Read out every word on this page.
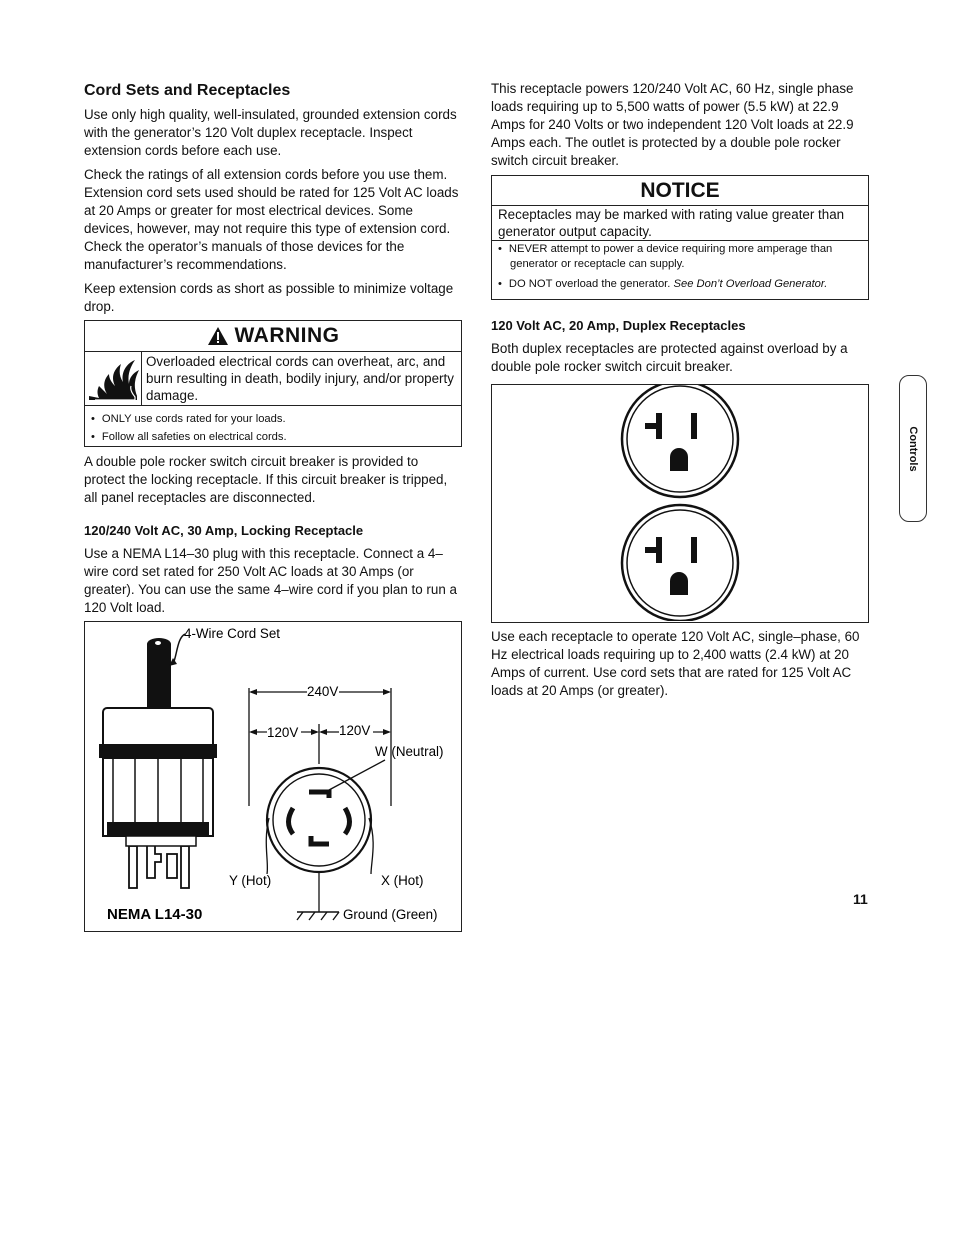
Cord Sets and Receptacles

Use only high quality, well-insulated, grounded extension cords with the generator’s 120 Volt duplex receptacle. Inspect extension cords before each use.

Check the ratings of all extension cords before you use them. Extension cord sets used should be rated for 125 Volt AC loads at 20 Amps or greater for most electrical devices. Some devices, however, may not require this type of extension cord. Check the operator’s manuals of those devices for the manufacturer’s recommendations.

Keep extension cords as short as possible to minimize voltage drop.

WARNING
Overloaded electrical cords can overheat, arc, and burn resulting in death, bodily injury, and/or property damage.
• ONLY use cords rated for your loads.
• Follow all safeties on electrical cords.

A double pole rocker switch circuit breaker is provided to protect the locking receptacle. If this circuit breaker is tripped, all panel receptacles are disconnected.

120/240 Volt AC, 30 Amp, Locking Receptacle

Use a NEMA L14–30 plug with this receptacle. Connect a 4–wire cord set rated for 250 Volt AC loads at 30 Amps (or greater). You can use the same 4–wire cord if you plan to run a 120 Volt load.

4-Wire Cord Set
240V
120V	120V
W (Neutral)
Y (Hot)	X (Hot)
Ground (Green)
NEMA L14-30

This receptacle powers 120/240 Volt AC, 60 Hz, single phase loads requiring up to 5,500 watts of power (5.5 kW) at 22.9 Amps for 240 Volts or two independent 120 Volt loads at 22.9 Amps each. The outlet is protected by a double pole rocker switch circuit breaker.

NOTICE
Receptacles may be marked with rating value greater than generator output capacity.
• NEVER attempt to power a device requiring more amperage than generator or receptacle can supply.
• DO NOT overload the generator. See Don’t Overload Generator.
120 Volt AC, 20 Amp, Duplex Receptacles

Both duplex receptacles are protected against overload by a double pole rocker switch circuit breaker.

Use each receptacle to operate 120 Volt AC, single–phase, 60 Hz electrical loads requiring up to 2,400 watts (2.4 kW) at 20 Amps of current. Use cord sets that are rated for 125 Volt AC loads at 20 Amps (or greater).

Controls
11
